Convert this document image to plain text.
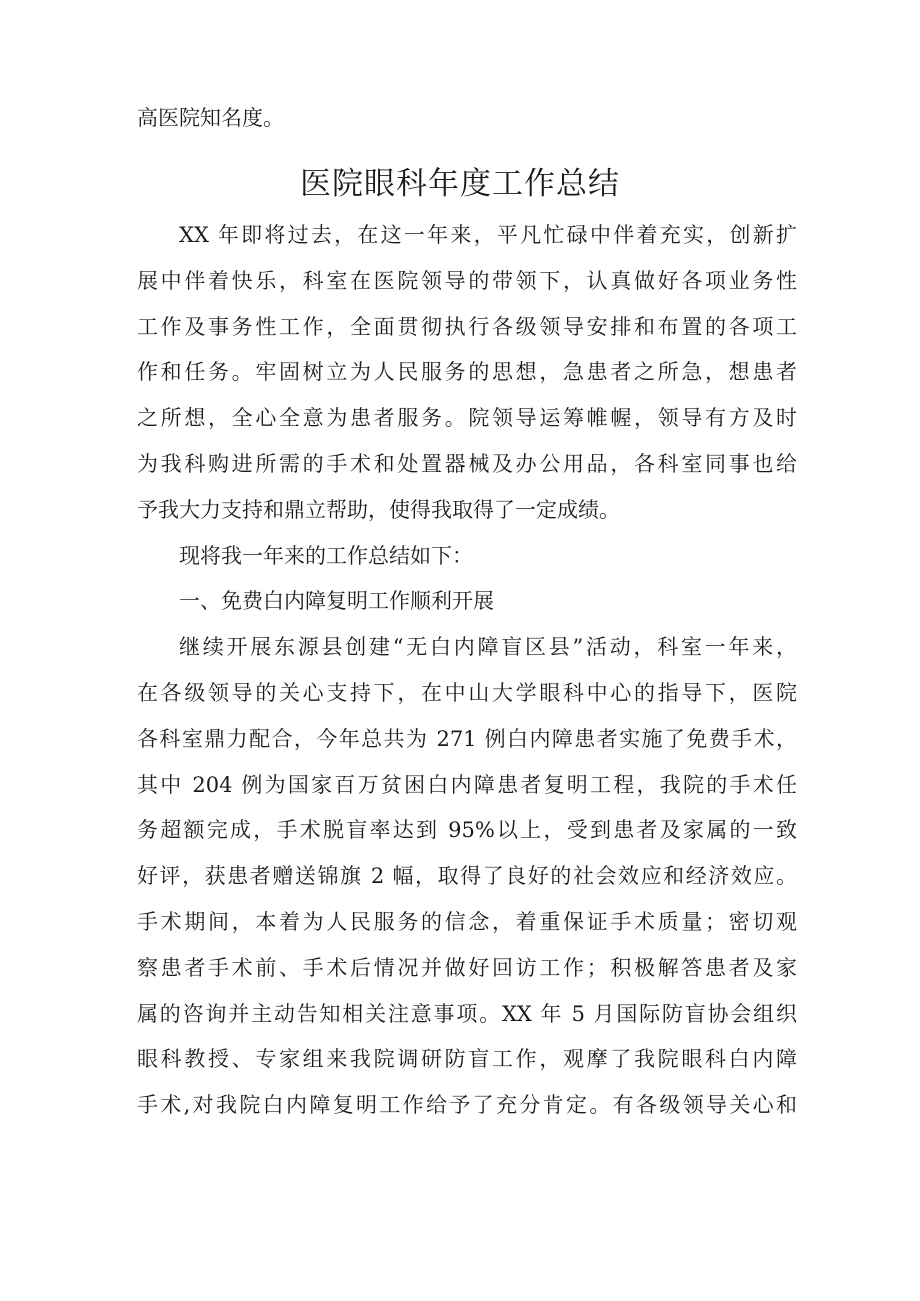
高医院知名度。

医院眼科年度工作总结

XX 年即将过去，在这一年来，平凡忙碌中伴着充实，创新扩
展中伴着快乐，科室在医院领导的带领下，认真做好各项业务性
工作及事务性工作，全面贯彻执行各级领导安排和布置的各项工
作和任务。牢固树立为人民服务的思想，急患者之所急，想患者
之所想，全心全意为患者服务。院领导运筹帷幄，领导有方及时
为我科购进所需的手术和处置器械及办公用品，各科室同事也给
予我大力支持和鼎立帮助，使得我取得了一定成绩。

现将我一年来的工作总结如下：

一、免费白内障复明工作顺利开展

继续开展东源县创建“无白内障盲区县”活动，科室一年来，
在各级领导的关心支持下，在中山大学眼科中心的指导下，医院
各科室鼎力配合，今年总共为 271 例白内障患者实施了免费手术，
其中 204 例为国家百万贫困白内障患者复明工程，我院的手术任
务超额完成，手术脱盲率达到 95%以上，受到患者及家属的一致
好评，获患者赠送锦旗 2 幅，取得了良好的社会效应和经济效应。
手术期间，本着为人民服务的信念，着重保证手术质量；密切观
察患者手术前、手术后情况并做好回访工作；积极解答患者及家
属的咨询并主动告知相关注意事项。XX 年 5 月国际防盲协会组织
眼科教授、专家组来我院调研防盲工作，观摩了我院眼科白内障
手术,对我院白内障复明工作给予了充分肯定。有各级领导关心和
